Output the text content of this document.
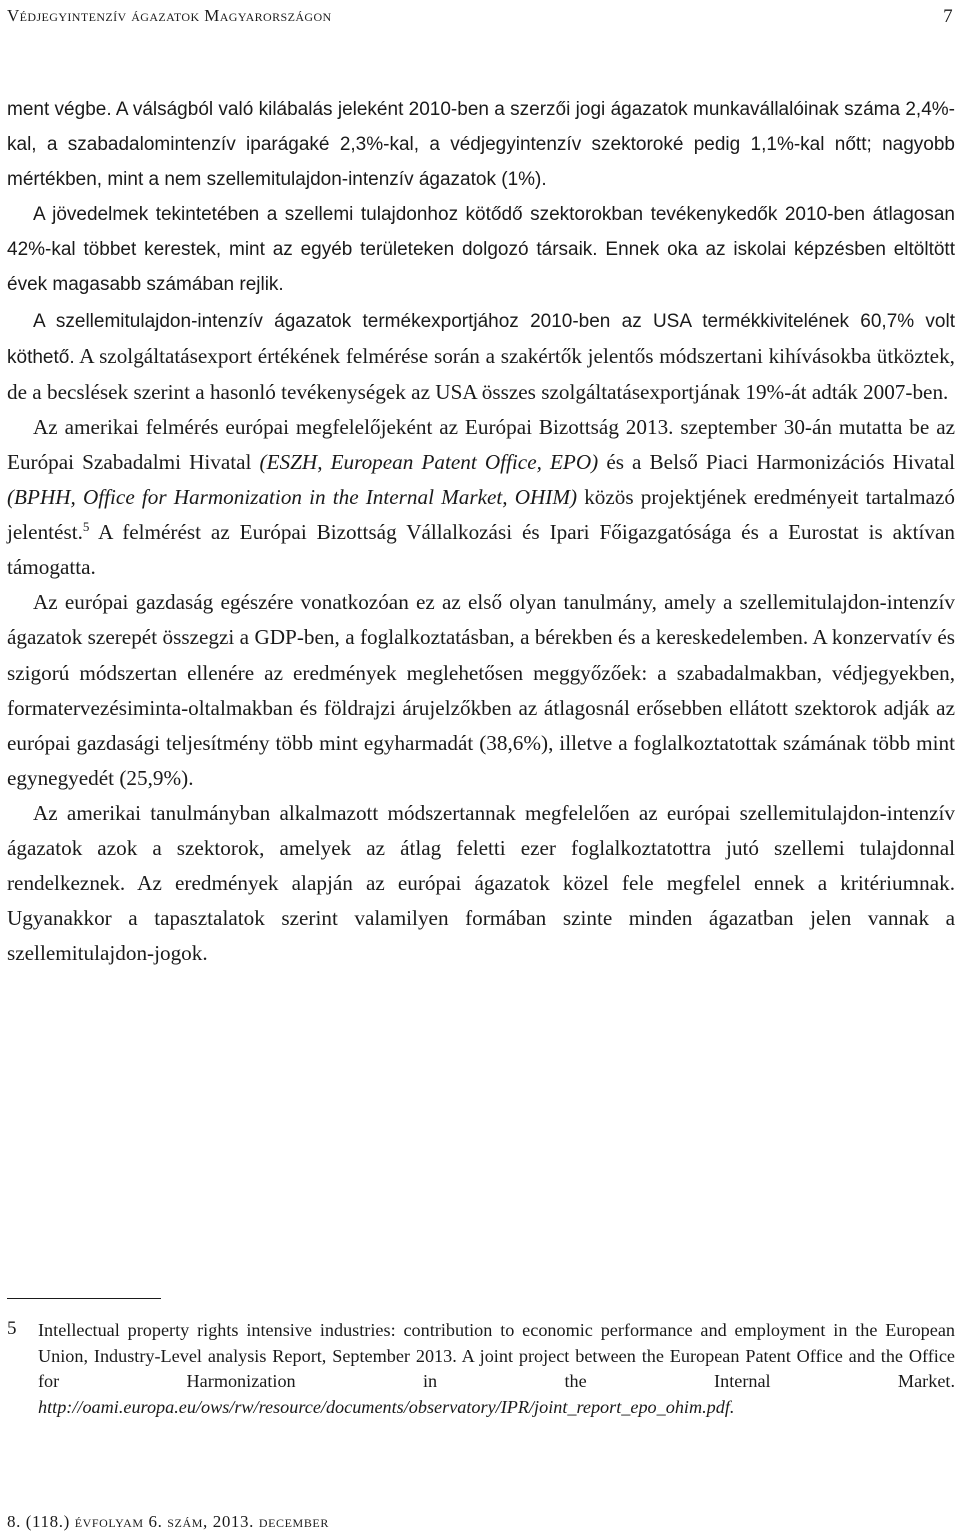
Védjegyintenzív ágazatok Magyarországon	7

ment végbe. A válságból való kilábalás jeleként 2010-ben a szerzői jogi ágazatok munkavállalóinak száma 2,4%-kal, a szabadalomintenzív iparágaké 2,3%-kal, a védjegyintenzív szektoroké pedig 1,1%-kal nőtt; nagyobb mértékben, mint a nem szellemitulajdon-intenzív ágazatok (1%).

A jövedelmek tekintetében a szellemi tulajdonhoz kötődő szektorokban tevékenykedők 2010-ben átlagosan 42%-kal többet kerestek, mint az egyéb területeken dolgozó társaik. Ennek oka az iskolai képzésben eltöltött évek magasabb számában rejlik.

A szellemitulajdon-intenzív ágazatok termékexportjához 2010-ben az USA termékkivitelének 60,7% volt köthető. A szolgáltatásexport értékének felmérése során a szakértők jelentős módszertani kihívásokba ütköztek, de a becslések szerint a hasonló tevékenységek az USA összes szolgáltatásexportjának 19%-át adták 2007-ben.

Az amerikai felmérés európai megfelelőjeként az Európai Bizottság 2013. szeptember 30-án mutatta be az Európai Szabadalmi Hivatal (ESZH, European Patent Office, EPO) és a Belső Piaci Harmonizációs Hivatal (BPHH, Office for Harmonization in the Internal Market, OHIM) közös projektjének eredményeit tartalmazó jelentést.$^5$ A felmérést az Európai Bizottság Vállalkozási és Ipari Főigazgatósága és a Eurostat is aktívan támogatta.

Az európai gazdaság egészére vonatkozóan ez az első olyan tanulmány, amely a szellemitulajdon-intenzív ágazatok szerepét összegzi a GDP-ben, a foglalkoztatásban, a bérekben és a kereskedelemben. A konzervatív és szigorú módszertan ellenére az eredmények meglehetősen meggyőzőek: a szabadalmakban, védjegyekben, formatervezésiminta-oltalmakban és földrajzi árujelzőkben az átlagosnál erősebben ellátott szektorok adják az európai gazdasági teljesítmény több mint egyharmadát (38,6%), illetve a foglalkoztatottak számának több mint egynegyedét (25,9%).

Az amerikai tanulmányban alkalmazott módszertannak megfelelően az európai szellemitulajdon-intenzív ágazatok azok a szektorok, amelyek az átlag feletti ezer foglalkoztatottra jutó szellemi tulajdonnal rendelkeznek. Az eredmények alapján az európai ágazatok közel fele megfelel ennek a kritériumnak. Ugyanakkor a tapasztalatok szerint valamilyen formában szinte minden ágazatban jelen vannak a szellemitulajdon-jogok.

5 Intellectual property rights intensive industries: contribution to economic performance and employment in the European Union, Industry-Level analysis Report, September 2013. A joint project between the European Patent Office and the Office for Harmonization in the Internal Market. http://oami.europa.eu/ows/rw/resource/documents/observatory/IPR/joint_report_epo_ohim.pdf.
8. (118.) évfolyam 6. szám, 2013. december
